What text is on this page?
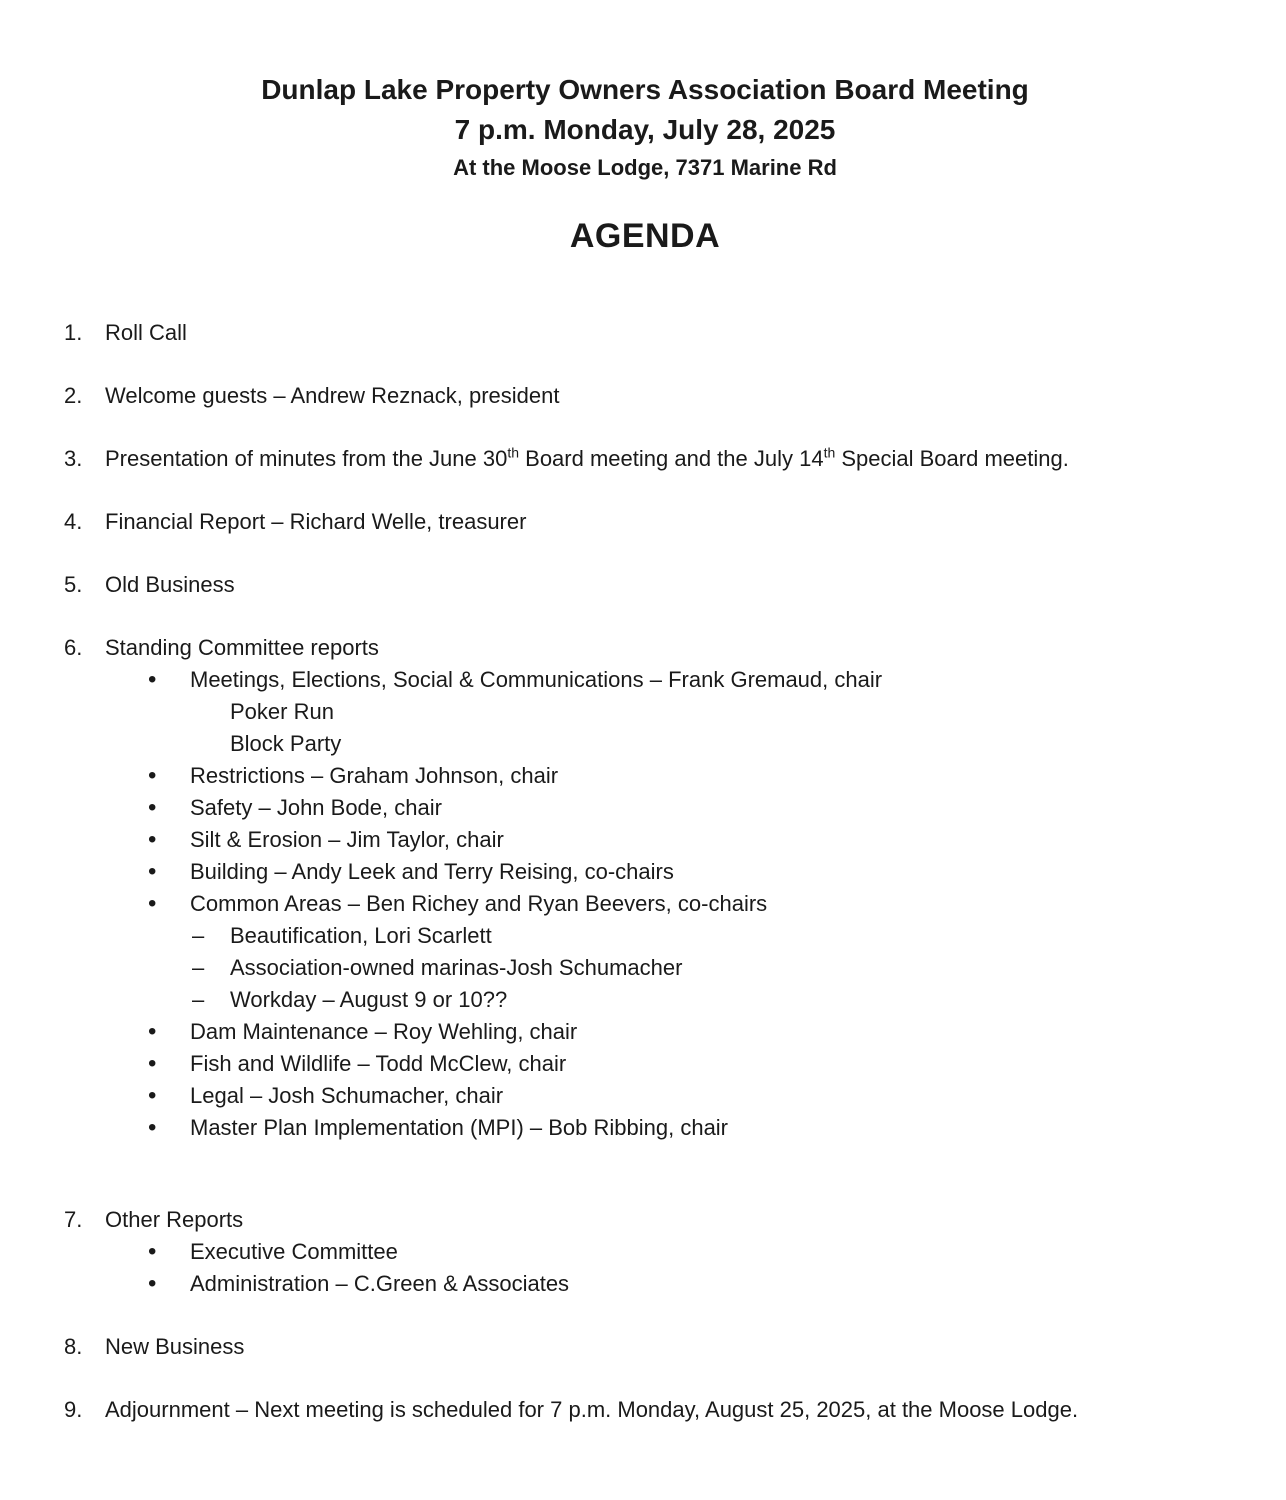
Dunlap Lake Property Owners Association Board Meeting
7 p.m. Monday, July 28, 2025
At the Moose Lodge, 7371 Marine Rd
AGENDA
1.	Roll Call
2.	Welcome guests – Andrew Reznack, president
3.	Presentation of minutes from the June 30th Board meeting and the July 14th Special Board meeting.
4.	Financial Report – Richard Welle, treasurer
5.	Old Business
6.	Standing Committee reports
•
Meetings, Elections, Social & Communications – Frank Gremaud, chair
Poker Run
Block Party
•
Restrictions – Graham Johnson, chair
•
Safety – John Bode, chair
•
Silt & Erosion – Jim Taylor, chair
•
Building – Andy Leek and Terry Reising, co-chairs
•
Common Areas – Ben Richey and Ryan Beevers, co-chairs
–
Beautification, Lori Scarlett
–
Association-owned marinas-Josh Schumacher
–
Workday – August 9 or 10??
•
Dam Maintenance – Roy Wehling, chair
•
Fish and Wildlife – Todd McClew, chair
•
Legal – Josh Schumacher, chair
•
Master Plan Implementation (MPI) – Bob Ribbing, chair
7.	Other Reports
•
Executive Committee
•
Administration – C.Green & Associates
8.	New Business
9.	Adjournment – Next meeting is scheduled for 7 p.m. Monday, August 25, 2025, at the Moose Lodge.
